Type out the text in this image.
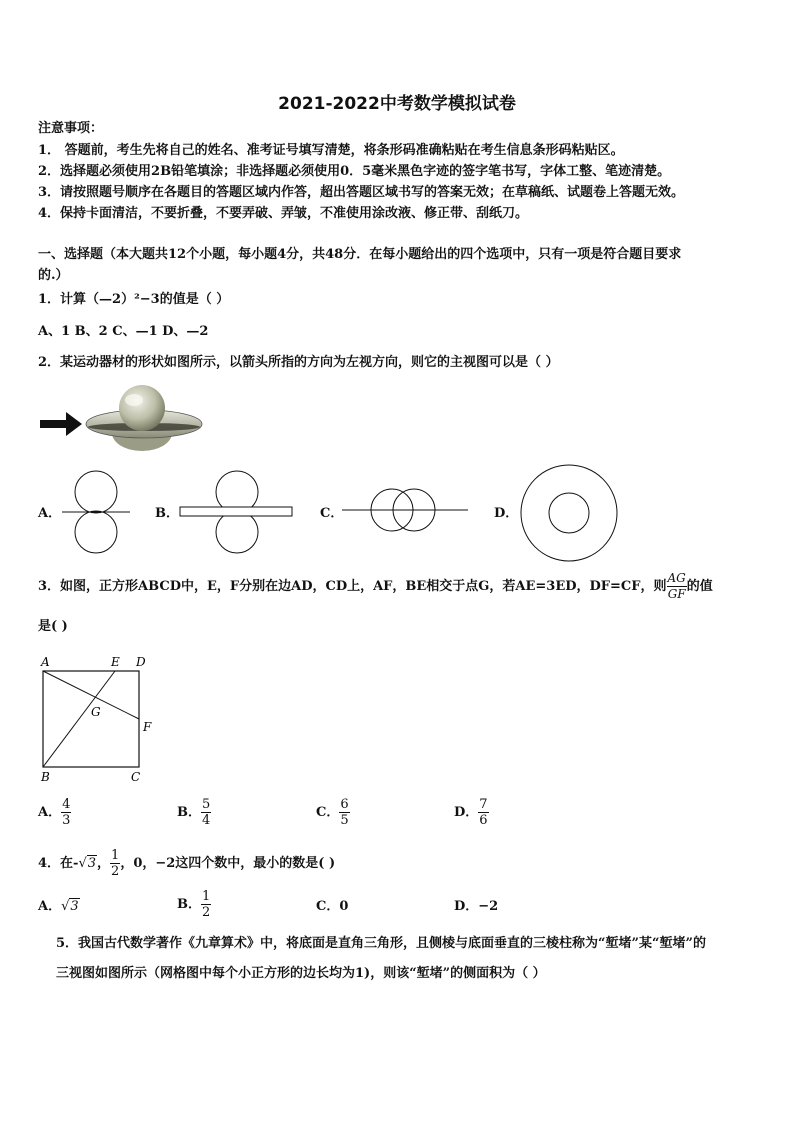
2021-2022中考数学模拟试卷
注意事项：
1． 答题前，考生先将自己的姓名、准考证号填写清楚，将条形码准确粘贴在考生信息条形码粘贴区。
2．选择题必须使用2B铅笔填涂；非选择题必须使用0．5毫米黑色字迹的签字笔书写，字体工整、笔迹清楚。
3．请按照题号顺序在各题目的答题区域内作答，超出答题区域书写的答案无效；在草稿纸、试题卷上答题无效。
4．保持卡面清洁，不要折叠，不要弄破、弄皱，不准使用涂改液、修正带、刮纸刀。
一、选择题（本大题共12个小题，每小题4分，共48分．在每小题给出的四个选项中，只有一项是符合题目要求
的.）
1．计算（—2）²−3的值是（ ）
A、1 B、2 C、—1 D、—2
2．某运动器材的形状如图所示，以箭头所指的方向为左视方向，则它的主视图可以是（ ）
A．	B．	C．	D．
3．如图，正方形ABCD中，E，F分别在边AD，CD上，AF，BE相交于点G，若AE=3ED，DF=CF，则 $\frac{AG}{GF}$ 的值
是( )
A	E D
G
F
B	C
A． $\frac{4}{3}$	B． $\frac{5}{4}$	C． $\frac{6}{5}$	D． $\frac{7}{6}$
4．在-√3， $\frac{1}{2}$ ，0，−2这四个数中，最小的数是( )
A．√3	B． $\frac{1}{2}$	C．0	D．−2
5．我国古代数学著作《九章算术》中，将底面是直角三角形，且侧棱与底面垂直的三棱柱称为“堑堵”某“堑堵”的
三视图如图所示（网格图中每个小正方形的边长均为1)，则该“堑堵”的侧面积为（ ）
